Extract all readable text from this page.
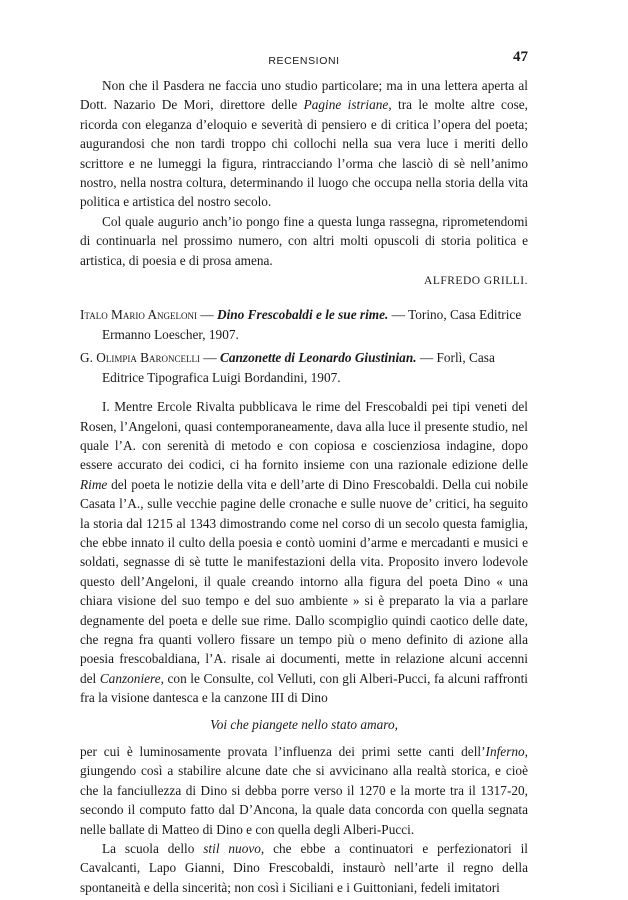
RECENSIONI	47

Non che il Pasdera ne faccia uno studio particolare; ma in una lettera aperta al Dott. Nazario De Mori, direttore delle Pagine istriane, tra le molte altre cose, ricorda con eleganza d’eloquio e severità di pensiero e di critica l’opera del poeta; augurandosi che non tardi troppo chi collochi nella sua vera luce i meriti dello scrittore e ne lumeggi la figura, rintracciando l’orma che lasciò di sè nell’animo nostro, nella nostra coltura, determinando il luogo che occupa nella storia della vita politica e artistica del nostro secolo.

Col quale augurio anch’io pongo fine a questa lunga rassegna, riprometendomi di continuarla nel prossimo numero, con altri molti opuscoli di storia politica e artistica, di poesia e di prosa amena.

ALFREDO GRILLI.

Italo Mario Angeloni — Dino Frescobaldi e le sue rime. — Torino, Casa Editrice Ermanno Loescher, 1907.

G. Olimpia Baroncelli — Canzonette di Leonardo Giustinian. — Forlì, Casa Editrice Tipografica Luigi Bordandini, 1907.

I. Mentre Ercole Rivalta pubblicava le rime del Frescobaldi pei tipi veneti del Rosen, l’Angeloni, quasi contemporaneamente, dava alla luce il presente studio, nel quale l’A. con serenità di metodo e con copiosa e coscienziosa indagine, dopo essere accurato dei codici, ci ha fornito insieme con una razionale edizione delle Rime del poeta le notizie della vita e dell’arte di Dino Frescobaldi. Della cui nobile Casata l’A., sulle vecchie pagine delle cronache e sulle nuove de’ critici, ha seguito la storia dal 1215 al 1343 dimostrando come nel corso di un secolo questa famiglia, che ebbe innato il culto della poesia e contò uomini d’arme e mercadanti e musici e soldati, segnasse di sè tutte le manifestazioni della vita. Proposito invero lodevole questo dell’Angeloni, il quale creando intorno alla figura del poeta Dino « una chiara visione del suo tempo e del suo ambiente » si è preparato la via a parlare degnamente del poeta e delle sue rime. Dallo scompiglio quindi caotico delle date, che regna fra quanti vollero fissare un tempo più o meno definito di azione alla poesia frescobaldiana, l’A. risale ai documenti, mette in relazione alcuni accenni del Canzoniere, con le Consulte, col Velluti, con gli Alberi-Pucci, fa alcuni raffronti fra la visione dantesca e la canzone III di Dino

Voi che piangete nello stato amaro,

per cui è luminosamente provata l’influenza dei primi sette canti dell’Inferno, giungendo così a stabilire alcune date che si avvicinano alla realtà storica, e cioè che la fanciullezza di Dino si debba porre verso il 1270 e la morte tra il 1317-20, secondo il computo fatto dal D’Ancona, la quale data concorda con quella segnata nelle ballate di Matteo di Dino e con quella degli Alberi-Pucci.

La scuola dello stil nuovo, che ebbe a continuatori e perfezionatori il Cavalcanti, Lapo Gianni, Dino Frescobaldi, instaurò nell’arte il regno della spontaneità e della sincerità; non così i Siciliani e i Guittoniani, fedeli imitatori
